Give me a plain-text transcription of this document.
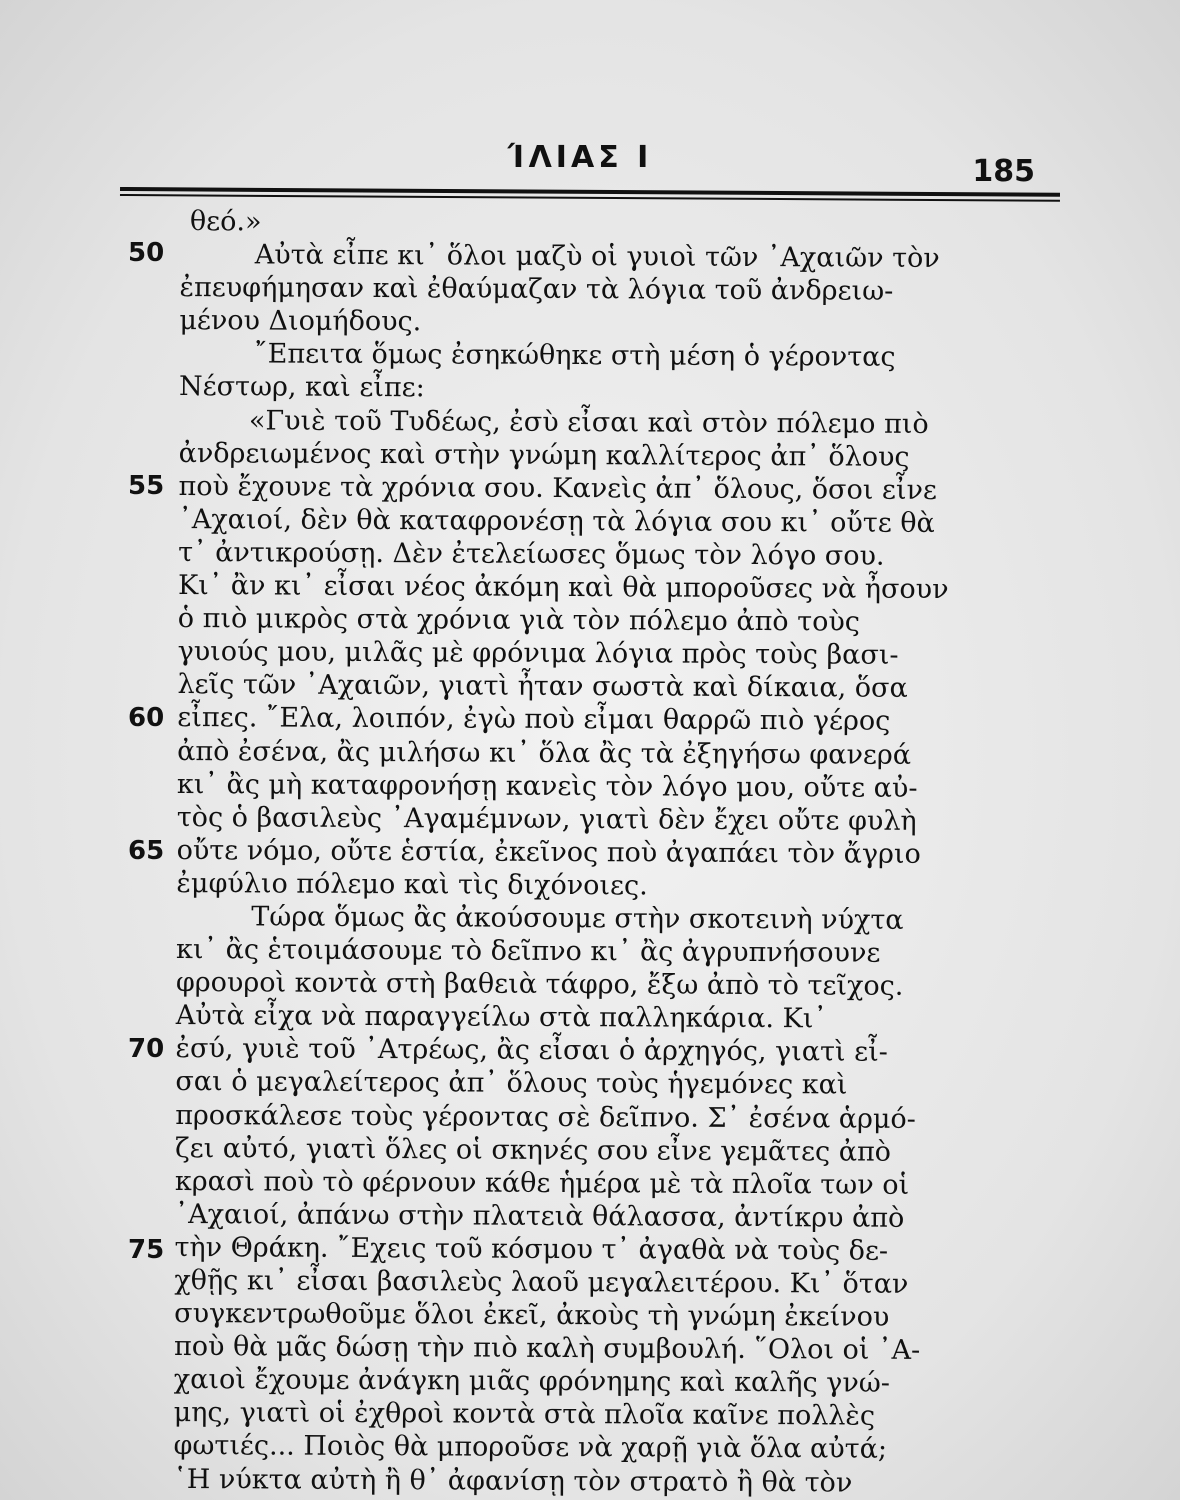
ΊΛΙΑΣ Ι	185
50
55
60
65
70
75
θεό.»
Αὐτὰ εἶπε κι᾿ ὅλοι μαζὺ οἱ γυιοὶ τῶν ᾿Αχαιῶν τὸν
ἐπευφήμησαν καὶ ἐθαύμαζαν τὰ λόγια τοῦ ἀνδρειω-
μένου Διομήδους.
῎Επειτα ὅμως ἐσηκώθηκε στὴ μέση ὁ γέροντας
Νέστωρ, καὶ εἶπε:
«Γυιὲ τοῦ Τυδέως, ἐσὺ εἶσαι καὶ στὸν πόλεμο πιὸ
ἀνδρειωμένος καὶ στὴν γνώμη καλλίτερος ἀπ᾿ ὅλους
ποὺ ἔχουνε τὰ χρόνια σου. Κανεὶς ἀπ᾿ ὅλους, ὅσοι εἶνε
᾿Αχαιοί, δὲν θὰ καταφρονέσῃ τὰ λόγια σου κι᾿ οὔτε θὰ
τ᾿ ἀντικρούσῃ. Δὲν ἐτελείωσες ὅμως τὸν λόγο σου.
Κι᾿ ἂν κι᾿ εἶσαι νέος ἀκόμη καὶ θὰ μποροῦσες νὰ ἦσουν
ὁ πιὸ μικρὸς στὰ χρόνια γιὰ τὸν πόλεμο ἀπὸ τοὺς
γυιούς μου, μιλᾶς μὲ φρόνιμα λόγια πρὸς τοὺς βασι-
λεῖς τῶν ᾿Αχαιῶν, γιατὶ ἦταν σωστὰ καὶ δίκαια, ὅσα
εἶπες. ῎Ελα, λοιπόν, ἐγὼ ποὺ εἶμαι θαρρῶ πιὸ γέρος
ἀπὸ ἐσένα, ἂς μιλήσω κι᾿ ὅλα ἂς τὰ ἐξηγήσω φανερά
κι᾿ ἂς μὴ καταφρονήσῃ κανεὶς τὸν λόγο μου, οὔτε αὐ-
τὸς ὁ βασιλεὺς ᾿Αγαμέμνων, γιατὶ δὲν ἔχει οὔτε φυλὴ
οὔτε νόμο, οὔτε ἑστία, ἐκεῖνος ποὺ ἀγαπάει τὸν ἄγριο
ἐμφύλιο πόλεμο καὶ τὶς διχόνοιες.
Τώρα ὅμως ἂς ἀκούσουμε στὴν σκοτεινὴ νύχτα
κι᾿ ἂς ἑτοιμάσουμε τὸ δεῖπνο κι᾿ ἂς ἀγρυπνήσουνε
φρουροὶ κοντὰ στὴ βαθειὰ τάφρο, ἔξω ἀπὸ τὸ τεῖχος.
Αὐτὰ εἶχα νὰ παραγγείλω στὰ παλληκάρια. Κι᾿
ἐσύ, γυιὲ τοῦ ᾿Ατρέως, ἂς εἶσαι ὁ ἀρχηγός, γιατὶ εἶ-
σαι ὁ μεγαλείτερος ἀπ᾿ ὅλους τοὺς ἡγεμόνες καὶ
προσκάλεσε τοὺς γέροντας σὲ δεῖπνο. Σ᾿ ἐσένα ἁρμό-
ζει αὐτό, γιατὶ ὅλες οἱ σκηνές σου εἶνε γεμᾶτες ἀπὸ
κρασὶ ποὺ τὸ φέρνουν κάθε ἡμέρα μὲ τὰ πλοῖα των οἱ
᾿Αχαιοί, ἀπάνω στὴν πλατειὰ θάλασσα, ἀντίκρυ ἀπὸ
τὴν Θράκη. ῎Εχεις τοῦ κόσμου τ᾿ ἀγαθὰ νὰ τοὺς δε-
χθῇς κι᾿ εἶσαι βασιλεὺς λαοῦ μεγαλειτέρου. Κι᾿ ὅταν
συγκεντρωθοῦμε ὅλοι ἐκεῖ, ἀκοὺς τὴ γνώμη ἐκείνου
ποὺ θὰ μᾶς δώσῃ τὴν πιὸ καλὴ συμβουλή. ῞Ολοι οἱ ᾿Α-
χαιοὶ ἔχουμε ἀνάγκη μιᾶς φρόνημης καὶ καλῆς γνώ-
μης, γιατὶ οἱ ἐχθροὶ κοντὰ στὰ πλοῖα καῖνε πολλὲς
φωτιές... Ποιὸς θὰ μποροῦσε νὰ χαρῇ γιὰ ὅλα αὐτά;
῾Η νύκτα αὐτὴ ἢ θ᾿ ἀφανίσῃ τὸν στρατὸ ἢ θὰ τὸν
